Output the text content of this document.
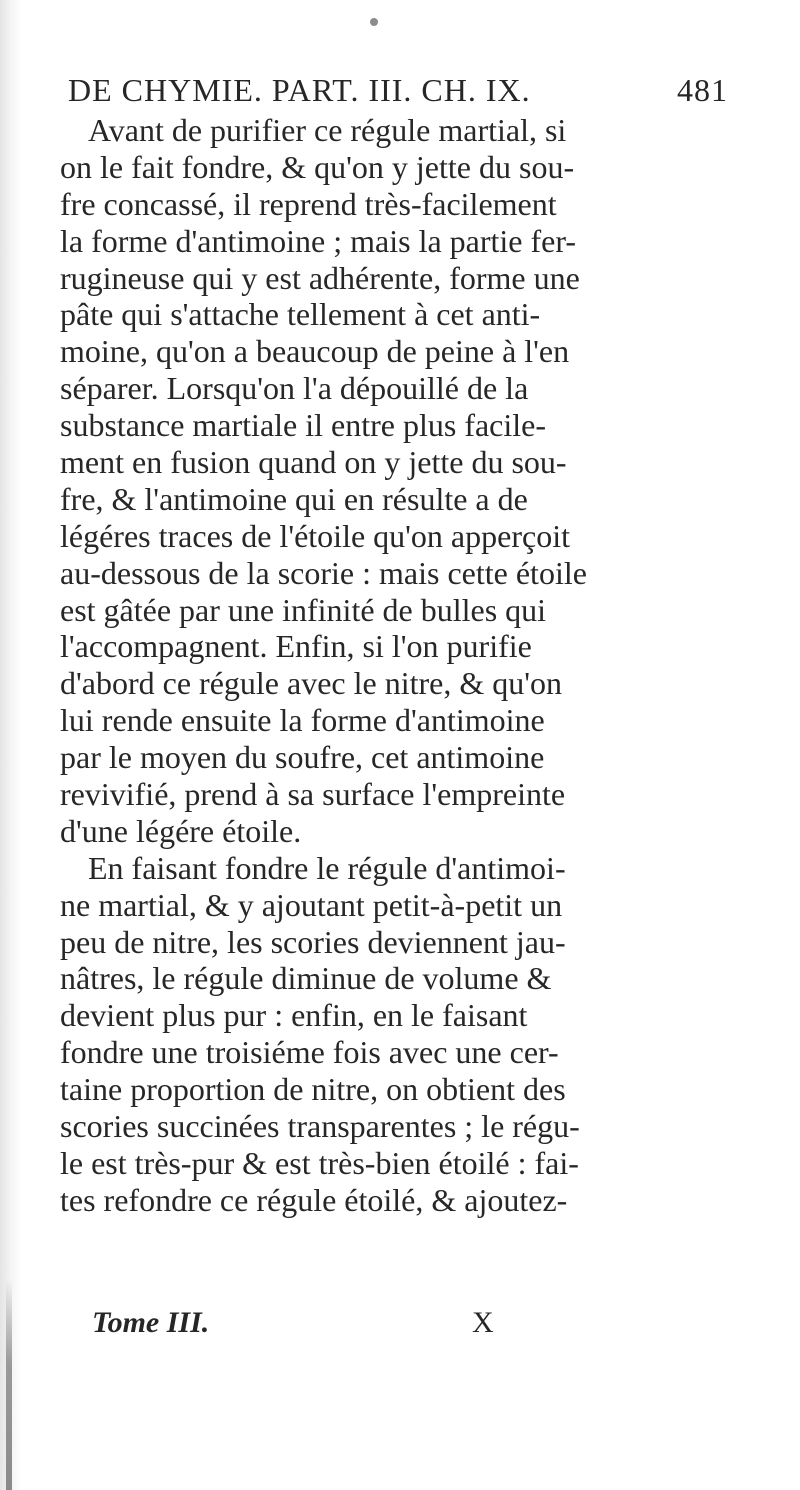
DE CHYMIE. PART. III. CH. IX.	481
Avant de purifier ce régule martial, si
on le fait fondre, & qu'on y jette du sou-
fre concassé, il reprend très-facilement
la forme d'antimoine ; mais la partie fer-
rugineuse qui y est adhérente, forme une
pâte qui s'attache tellement à cet anti-
moine, qu'on a beaucoup de peine à l'en
séparer. Lorsqu'on l'a dépouillé de la
substance martiale il entre plus facile-
ment en fusion quand on y jette du sou-
fre, & l'antimoine qui en résulte a de
légéres traces de l'étoile qu'on apperçoit
au-dessous de la scorie : mais cette étoile
est gâtée par une infinité de bulles qui
l'accompagnent. Enfin, si l'on purifie
d'abord ce régule avec le nitre, & qu'on
lui rende ensuite la forme d'antimoine
par le moyen du soufre, cet antimoine
revivifié, prend à sa surface l'empreinte
d'une légére étoile.
En faisant fondre le régule d'antimoi-
ne martial, & y ajoutant petit-à-petit un
peu de nitre, les scories deviennent jau-
nâtres, le régule diminue de volume &
devient plus pur : enfin, en le faisant
fondre une troisiéme fois avec une cer-
taine proportion de nitre, on obtient des
scories succinées transparentes ; le régu-
le est très-pur & est très-bien étoilé : fai-
tes refondre ce régule étoilé, & ajoutez-
Tome III.	X
